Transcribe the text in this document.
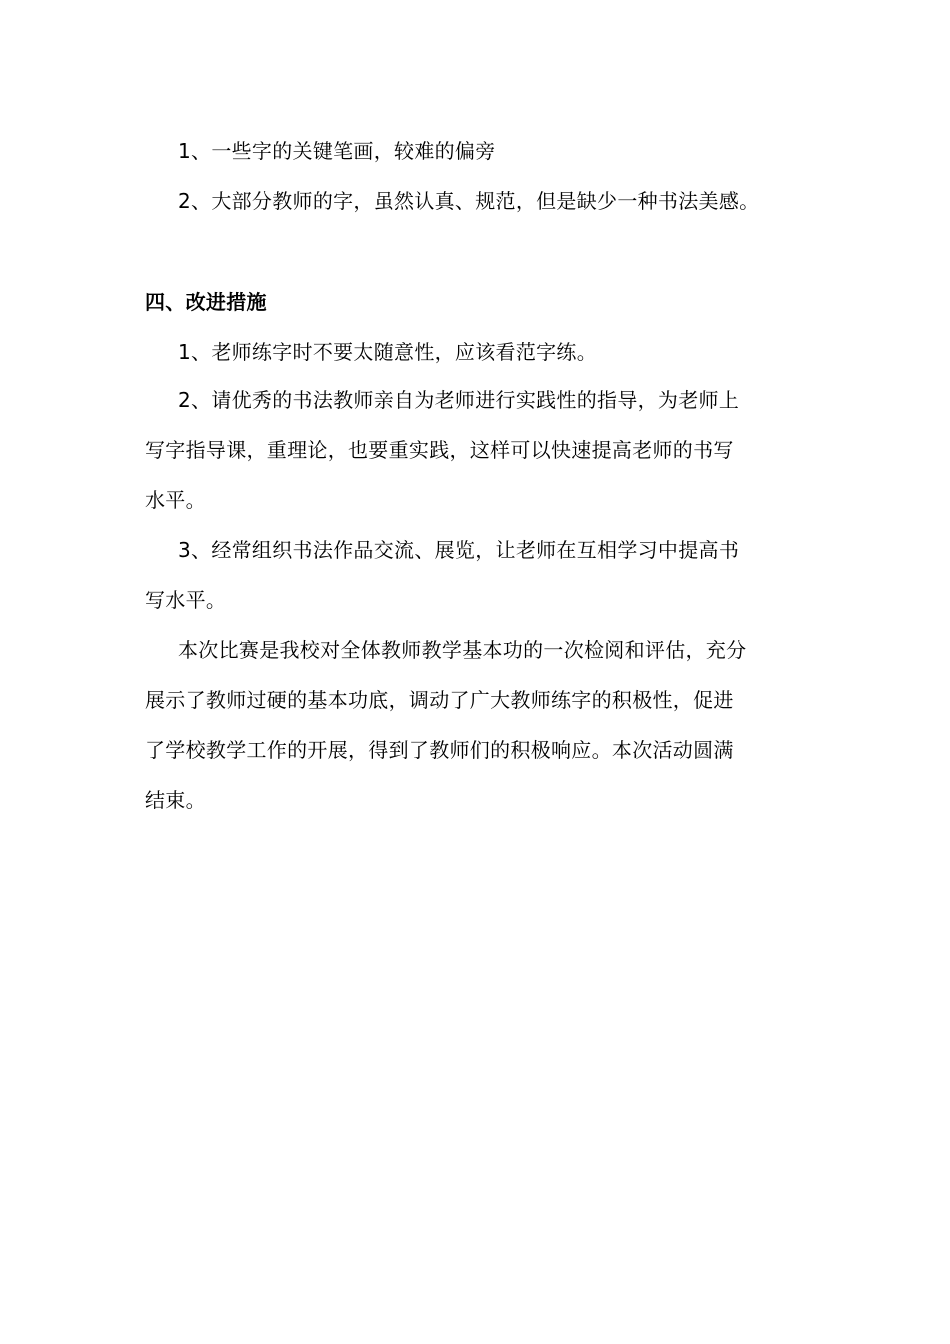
1、一些字的关键笔画，较难的偏旁
2、大部分教师的字，虽然认真、规范，但是缺少一种书法美感。
四、改进措施
1、老师练字时不要太随意性，应该看范字练。
2、请优秀的书法教师亲自为老师进行实践性的指导，为老师上
写字指导课，重理论，也要重实践，这样可以快速提高老师的书写
水平。
3、经常组织书法作品交流、展览，让老师在互相学习中提高书
写水平。
本次比赛是我校对全体教师教学基本功的一次检阅和评估，充分
展示了教师过硬的基本功底，调动了广大教师练字的积极性，促进
了学校教学工作的开展，得到了教师们的积极响应。本次活动圆满
结束。
